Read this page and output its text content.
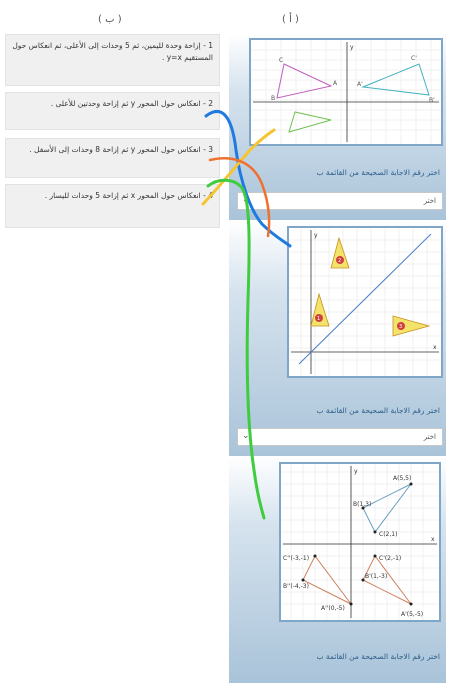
( ب )	( أ )
1 - إزاحة وحدة لليمين، ثم 5 وحدات إلى الأعلى، ثم انعكاس حول المستقيم y=x .
2 - انعكاس حول المحور y ثم إزاحة وحدتين للأعلى .
3 - انعكاس حول المحور y ثم إزاحة 8 وحدات إلى الأسفل .
4 - انعكاس حول المحور x ثم إزاحة 5 وحدات لليسار .
y
C
A
B
C'
A'
B'
اختر رقم الاجابة الصحيحة من القائمة ب
اختر
⌄
y
x
2
1
3
اختر رقم الاجابة الصحيحة من القائمة ب
اختر
⌄
y
x
A(5,5)
B(1,3)
C(2,1)
C''(-3,-1)
B''(-4,-3)
A''(0,-5)
C'(2,-1)
B'(1,-3)
A'(5,-5)
اختر رقم الاجابة الصحيحة من القائمة ب
